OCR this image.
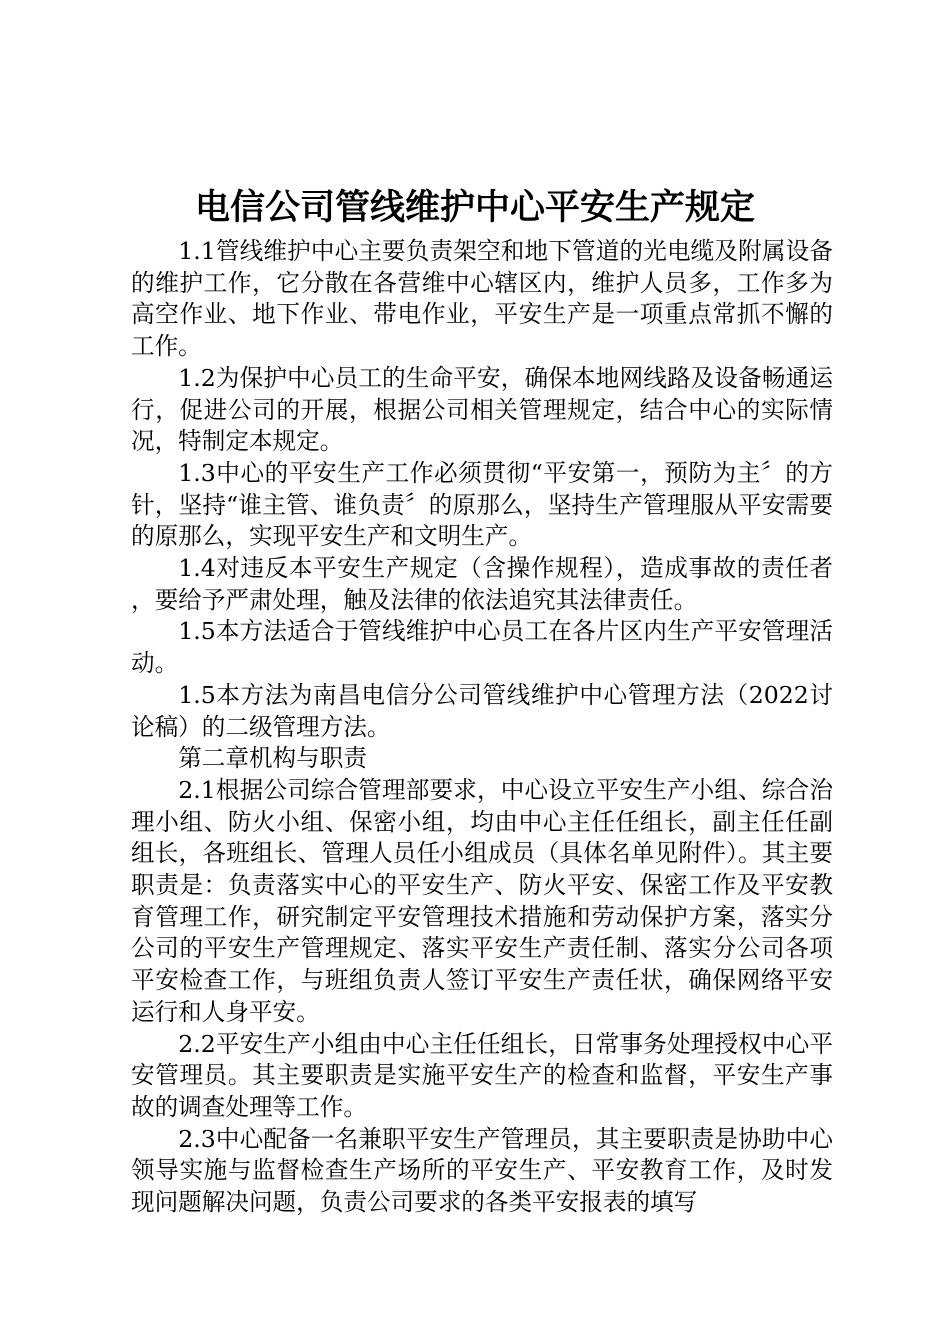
电信公司管线维护中心平安生产规定

1.1管线维护中心主要负责架空和地下管道的光电缆及附属设备的维护工作，它分散在各营维中心辖区内，维护人员多，工作多为高空作业、地下作业、带电作业，平安生产是一项重点常抓不懈的工作。

1.2为保护中心员工的生命平安，确保本地网线路及设备畅通运行，促进公司的开展，根据公司相关管理规定，结合中心的实际情况，特制定本规定。

1.3中心的平安生产工作必须贯彻“平安第一，预防为主〞的方针，坚持“谁主管、谁负责〞的原那么，坚持生产管理服从平安需要的原那么，实现平安生产和文明生产。

1.4对违反本平安生产规定（含操作规程），造成事故的责任者，要给予严肃处理，触及法律的依法追究其法律责任。

1.5本方法适合于管线维护中心员工在各片区内生产平安管理活动。

1.5本方法为南昌电信分公司管线维护中心管理方法（2022讨论稿）的二级管理方法。

第二章机构与职责

2.1根据公司综合管理部要求，中心设立平安生产小组、综合治理小组、防火小组、保密小组，均由中心主任任组长，副主任任副组长，各班组长、管理人员任小组成员（具体名单见附件）。其主要职责是：负责落实中心的平安生产、防火平安、保密工作及平安教育管理工作，研究制定平安管理技术措施和劳动保护方案，落实分公司的平安生产管理规定、落实平安生产责任制、落实分公司各项平安检查工作，与班组负责人签订平安生产责任状，确保网络平安运行和人身平安。

2.2平安生产小组由中心主任任组长，日常事务处理授权中心平安管理员。其主要职责是实施平安生产的检查和监督，平安生产事故的调查处理等工作。

2.3中心配备一名兼职平安生产管理员，其主要职责是协助中心领导实施与监督检查生产场所的平安生产、平安教育工作，及时发现问题解决问题，负责公司要求的各类平安报表的填写
